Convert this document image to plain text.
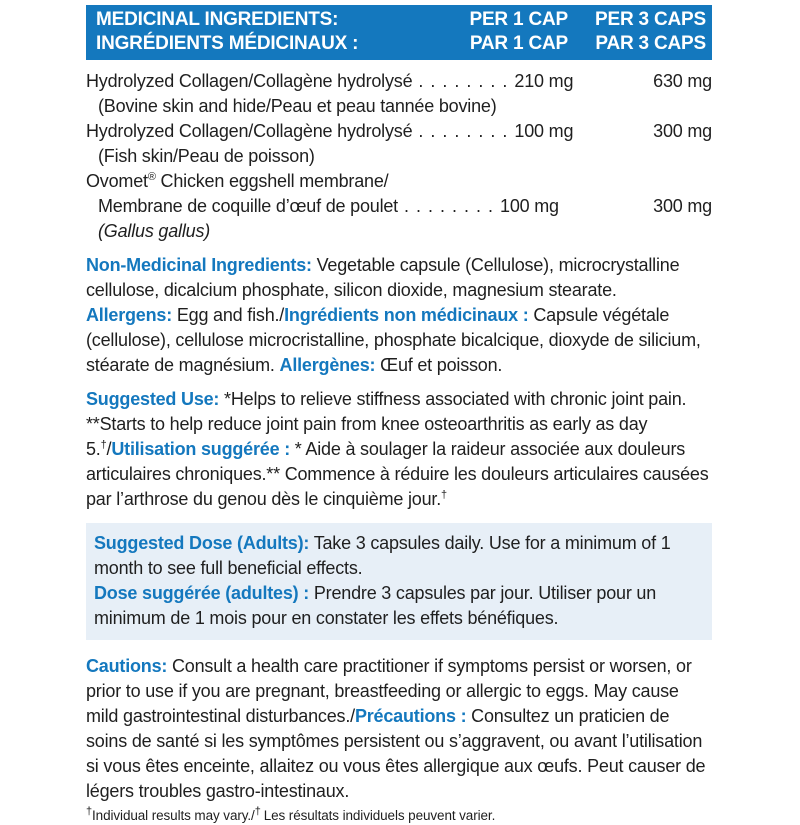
MEDICINAL INGREDIENTS:	PER 1 CAP PER 3 CAPS
INGRÉDIENTS MÉDICINAUX :	PAR 1 CAP PAR 3 CAPS
Hydrolyzed Collagen/Collagène hydrolysé . . . . . . . . 210 mg	630 mg
(Bovine skin and hide/Peau et peau tannée bovine)
Hydrolyzed Collagen/Collagène hydrolysé . . . . . . . . 100 mg	300 mg
(Fish skin/Peau de poisson)
Ovomet® Chicken eggshell membrane/
Membrane de coquille d’œuf de poulet . . . . . . . . 100 mg	300 mg
(Gallus gallus)

Non-Medicinal Ingredients: Vegetable capsule (Cellulose), microcrystalline cellulose, dicalcium phosphate, silicon dioxide, magnesium stearate.

Allergens: Egg and fish./Ingrédients non médicinaux : Capsule végétale (cellulose), cellulose microcristalline, phosphate bicalcique, dioxyde de silicium, stéarate de magnésium. Allergènes: Œuf et poisson.

Suggested Use: *Helps to relieve stiffness associated with chronic joint pain. **Starts to help reduce joint pain from knee osteoarthritis as early as day 5.†/Utilisation suggérée : * Aide à soulager la raideur associée aux douleurs articulaires chroniques.** Commence à réduire les douleurs articulaires causées par l’arthrose du genou dès le cinquième jour.†

Suggested Dose (Adults): Take 3 capsules daily. Use for a minimum of 1 month to see full beneficial effects.

Dose suggérée (adultes) : Prendre 3 capsules par jour. Utiliser pour un minimum de 1 mois pour en constater les effets bénéfiques.

Cautions: Consult a health care practitioner if symptoms persist or worsen, or prior to use if you are pregnant, breastfeeding or allergic to eggs. May cause mild gastrointestinal disturbances./Précautions : Consultez un praticien de soins de santé si les symptômes persistent ou s’aggravent, ou avant l’utilisation si vous êtes enceinte, allaitez ou vous êtes allergique aux œufs. Peut causer de légers troubles gastro-intestinaux.

†Individual results may vary./† Les résultats individuels peuvent varier.
